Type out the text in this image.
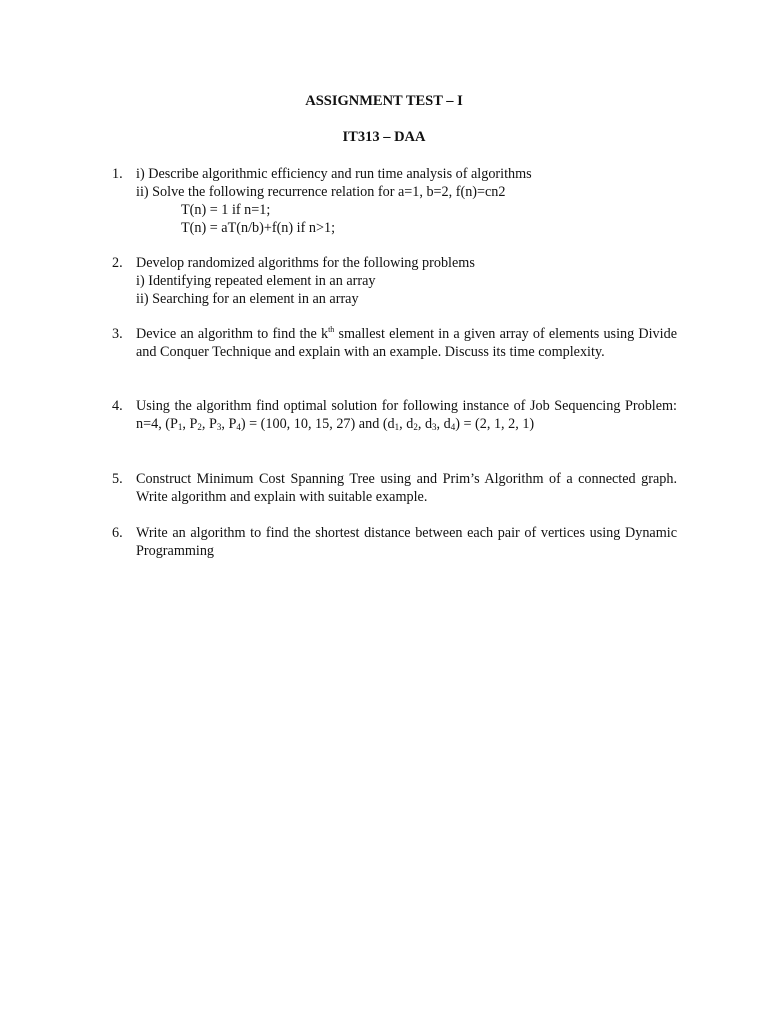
ASSIGNMENT TEST – I
IT313 – DAA
1. i) Describe algorithmic efficiency and run time analysis of algorithms
ii) Solve the following recurrence relation for a=1, b=2, f(n)=cn2
T(n) = 1 if n=1;
T(n) = aT(n/b)+f(n) if n>1;
2. Develop randomized algorithms for the following problems
i) Identifying repeated element in an array
ii) Searching for an element in an array
3. Device an algorithm to find the $k^{th}$ smallest element in a given array of elements using Divide and Conquer Technique and explain with an example. Discuss its time complexity.
4. Using the algorithm find optimal solution for following instance of Job Sequencing Problem: n=4, ($P_1$, $P_2$, $P_3$, $P_4) = (100$, 10, 15, 27) and ($d_1$, $d_2$, $d_3$, $d_4) = (2$, 1, 2, 1)
5. Construct Minimum Cost Spanning Tree using and Prim’s Algorithm of a connected graph. Write algorithm and explain with suitable example.
6. Write an algorithm to find the shortest distance between each pair of vertices using Dynamic Programming
